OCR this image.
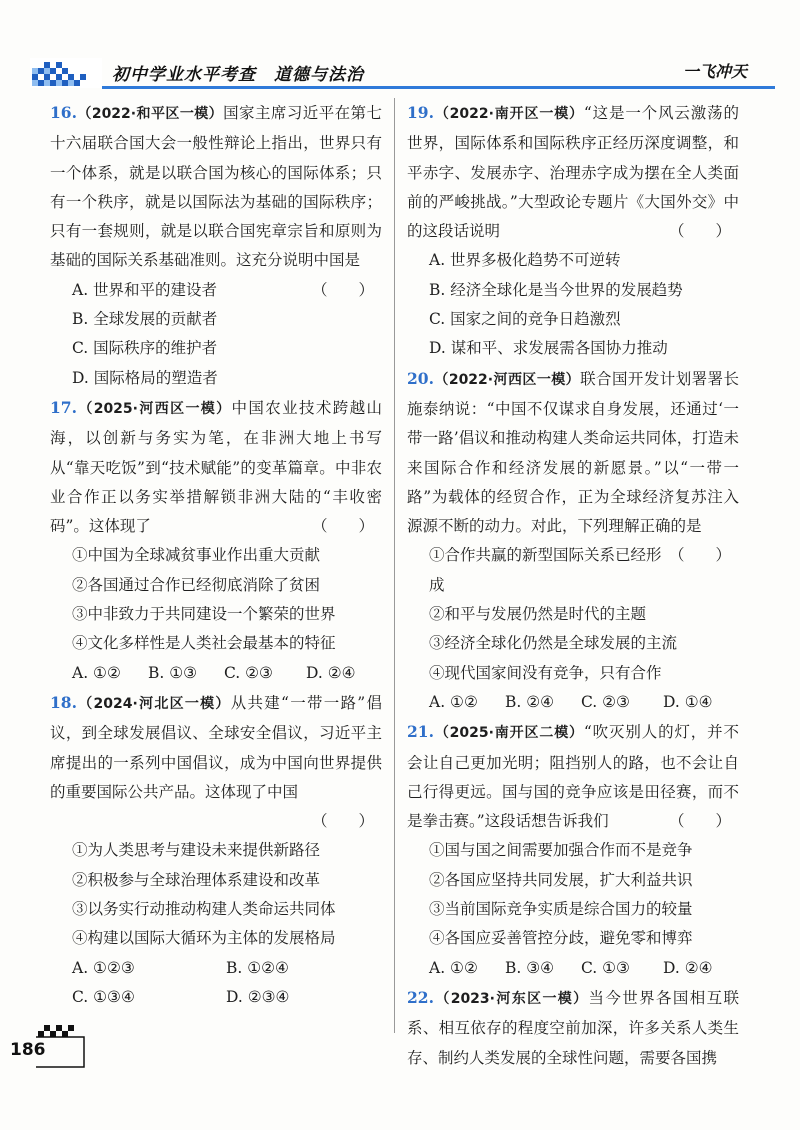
初中学业水平考查 道德与法治	一飞冲天

16.（2022·和平区一模）国家主席习近平在第七十六届联合国大会一般性辩论上指出，世界只有一个体系，就是以联合国为核心的国际体系；只有一个秩序，就是以国际法为基础的国际秩序；只有一套规则，就是以联合国宪章宗旨和原则为基础的国际关系基础准则。这充分说明中国是
（　　）

A. 世界和平的建设者

B. 全球发展的贡献者

C. 国际秩序的维护者

D. 国际格局的塑造者

17.（2025·河西区一模）中国农业技术跨越山海，以创新与务实为笔，在非洲大地上书写从“靠天吃饭”到“技术赋能”的变革篇章。中非农业合作正以务实举措解锁非洲大陆的“丰收密码”。这体现了	（　　）

①中国为全球减贫事业作出重大贡献

②各国通过合作已经彻底消除了贫困

③中非致力于共同建设一个繁荣的世界

④文化多样性是人类社会最基本的特征

A. ①②	B. ①③	C. ②③	D. ②④

18.（2024·河北区一模）从共建“一带一路”倡议，到全球发展倡议、全球安全倡议，习近平主席提出的一系列中国倡议，成为中国向世界提供的重要国际公共产品。这体现了中国

（　　）

①为人类思考与建设未来提供新路径

②积极参与全球治理体系建设和改革

③以务实行动推动构建人类命运共同体

④构建以国际大循环为主体的发展格局

A. ①②③	B. ①②④
C. ①③④	D. ②③④

19.（2022·南开区一模）“这是一个风云激荡的世界，国际体系和国际秩序正经历深度调整，和平赤字、发展赤字、治理赤字成为摆在全人类面前的严峻挑战。”大型政论专题片《大国外交》中的这段话说明	（　　）

A. 世界多极化趋势不可逆转

B. 经济全球化是当今世界的发展趋势

C. 国家之间的竞争日趋激烈

D. 谋和平、求发展需各国协力推动

20.（2022·河西区一模）联合国开发计划署署长施泰纳说：“中国不仅谋求自身发展，还通过‘一带一路’倡议和推动构建人类命运共同体，打造未来国际合作和经济发展的新愿景。”以“一带一路”为载体的经贸合作，正为全球经济复苏注入源源不断的动力。对此，下列理解正确的是
（　　）

①合作共赢的新型国际关系已经形成

②和平与发展仍然是时代的主题

③经济全球化仍然是全球发展的主流

④现代国家间没有竞争，只有合作

A. ①②	B. ②④	C. ②③	D. ①④

21.（2025·南开区二模）“吹灭别人的灯，并不会让自己更加光明；阻挡别人的路，也不会让自己行得更远。国与国的竞争应该是田径赛，而不是拳击赛。”这段话想告诉我们	（　　）

①国与国之间需要加强合作而不是竞争

②各国应坚持共同发展，扩大利益共识

③当前国际竞争实质是综合国力的较量

④各国应妥善管控分歧，避免零和博弈

A. ①②	B. ③④	C. ①③	D. ②④

22.（2023·河东区一模）当今世界各国相互联系、相互依存的程度空前加深，许多关系人类生存、制约人类发展的全球性问题，需要各国携

186
